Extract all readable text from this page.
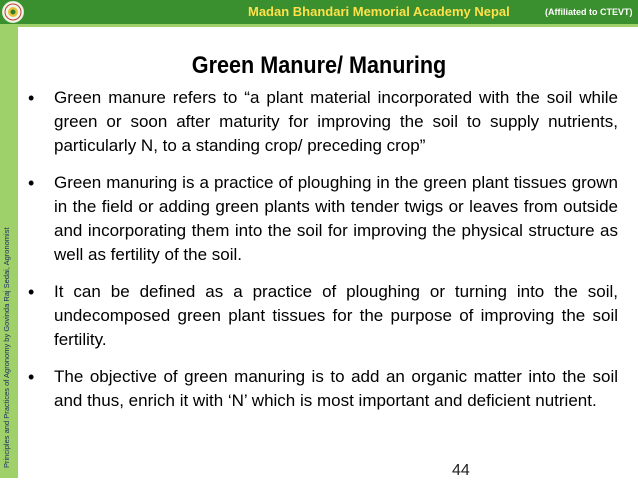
Madan Bhandari Memorial Academy Nepal	(Affiliated to CTEVT)
Principles and Practices of Agronomy by Govinda Raj Sedai, Agronomist
Green Manure/ Manuring
• Green manure refers to “a plant material incorporated with the soil while green or soon after maturity for improving the soil to supply nutrients, particularly N, to a standing crop/ preceding crop”
• Green manuring is a practice of ploughing in the green plant tissues grown in the field or adding green plants with tender twigs or leaves from outside and incorporating them into the soil for improving the physical structure as well as fertility of the soil.
• It can be defined as a practice of ploughing or turning into the soil, undecomposed green plant tissues for the purpose of improving the soil fertility.
• The objective of green manuring is to add an organic matter into the soil and thus, enrich it with ‘N’ which is most important and deficient nutrient.
44
